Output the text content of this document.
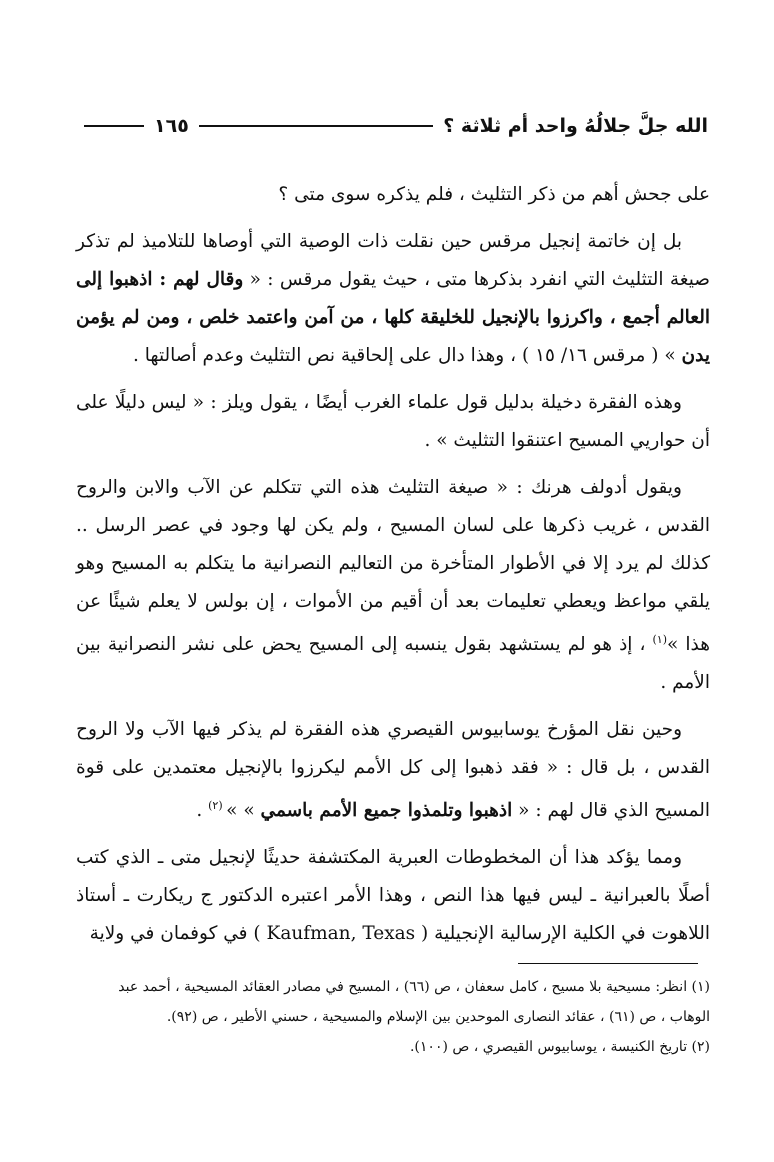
الله جلَّ جلالُهُ واحد أم ثلاثة ؟
١٦٥

على جحش أهم من ذكر التثليث ، فلم يذكره سوى متى ؟

بل إن خاتمة إنجيل مرقس حين نقلت ذات الوصية التي أوصاها للتلاميذ لم تذكر صيغة التثليث التي انفرد بذكرها متى ، حيث يقول مرقس : « وقال لهم : اذهبوا إلى العالم أجمع ، واكرزوا بالإنجيل للخليقة كلها ، من آمن واعتمد خلص ، ومن لم يؤمن يدن » ( مرقس ١٦/ ١٥ ) ، وهذا دال على إلحاقية نص التثليث وعدم أصالتها .

وهذه الفقرة دخيلة بدليل قول علماء الغرب أيضًا ، يقول ويلز : « ليس دليلًا على أن حواريي المسيح اعتنقوا التثليث » .

ويقول أدولف هرنك : « صيغة التثليث هذه التي تتكلم عن الآب والابن والروح القدس ، غريب ذكرها على لسان المسيح ، ولم يكن لها وجود في عصر الرسل .. كذلك لم يرد إلا في الأطوار المتأخرة من التعاليم النصرانية ما يتكلم به المسيح وهو يلقي مواعظ ويعطي تعليمات بعد أن أقيم من الأموات ، إن بولس لا يعلم شيئًا عن هذا »$^{(١)}$ ، إذ هو لم يستشهد بقول ينسبه إلى المسيح يحض على نشر النصرانية بين الأمم .

وحين نقل المؤرخ يوسابيوس القيصري هذه الفقرة لم يذكر فيها الآب ولا الروح القدس ، بل قال : « فقد ذهبوا إلى كل الأمم ليكرزوا بالإنجيل معتمدين على قوة المسيح الذي قال لهم : « اذهبوا وتلمذوا جميع الأمم باسمي » » $^{(٢)}$ .

ومما يؤكد هذا أن المخطوطات العبرية المكتشفة حديثًا لإنجيل متى ـ الذي كتب أصلًا بالعبرانية ـ ليس فيها هذا النص ، وهذا الأمر اعتبره الدكتور ج ريكارت ـ أستاذ اللاهوت في الكلية الإرسالية الإنجيلية ( Kaufman, Texas ) في كوفمان في ولاية

(١) انظر: مسيحية بلا مسيح ، كامل سعفان ، ص (٦٦) ، المسيح في مصادر العقائد المسيحية ، أحمد عبد الوهاب ، ص (٦١) ، عقائد النصارى الموحدين بين الإسلام والمسيحية ، حسني الأطير ، ص (٩٢).

(٢) تاريخ الكنيسة ، يوسابيوس القيصري ، ص (١٠٠).
